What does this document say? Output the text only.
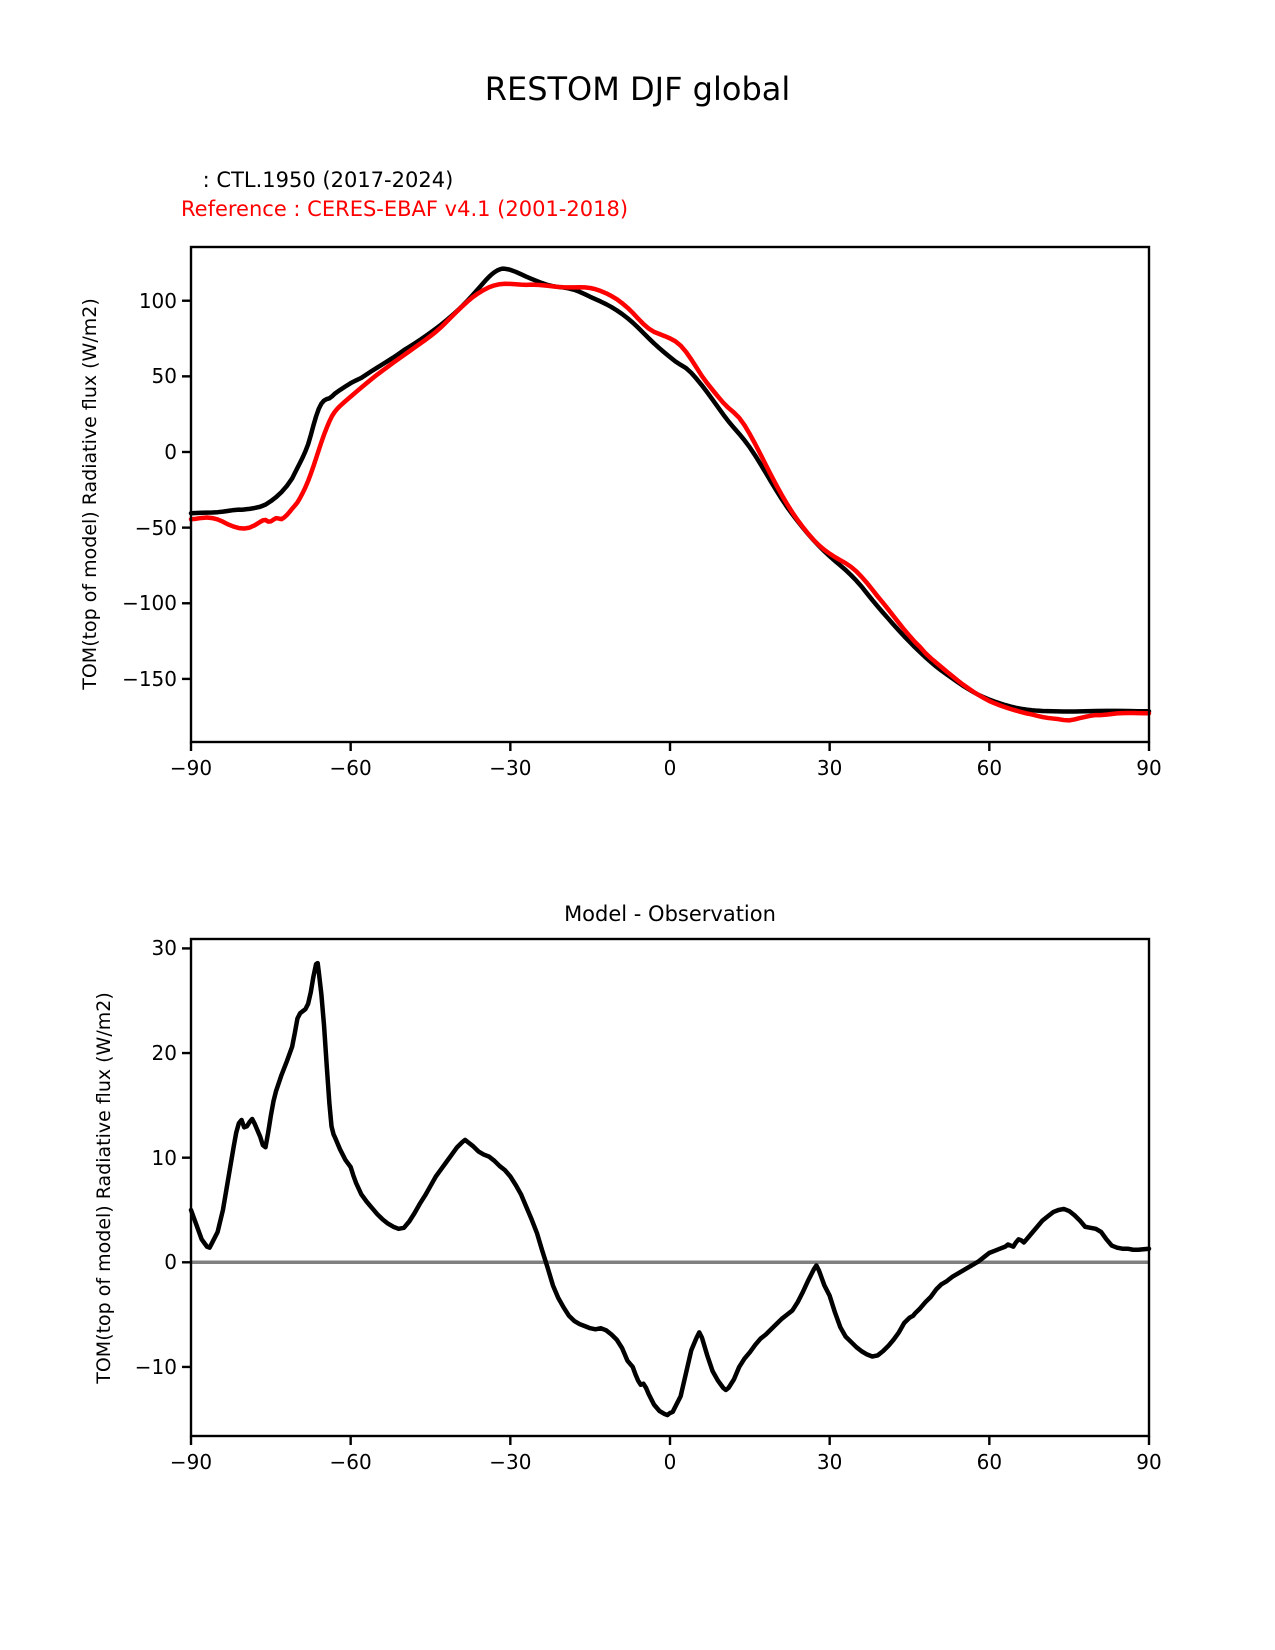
RESTOM DJF global
: CTL.1950 (2017-2024)
Reference : CERES-EBAF v4.1 (2001-2018)
TOM(top of model) Radiative flux (W/m2)
Model - Observation
TOM(top of model) Radiative flux (W/m2)
−90	−60	−30	0	30	60	90
100
50
0
−50
−100
−150
−90	−60	−30	0	30	60	90
30
20
10
0
−10
